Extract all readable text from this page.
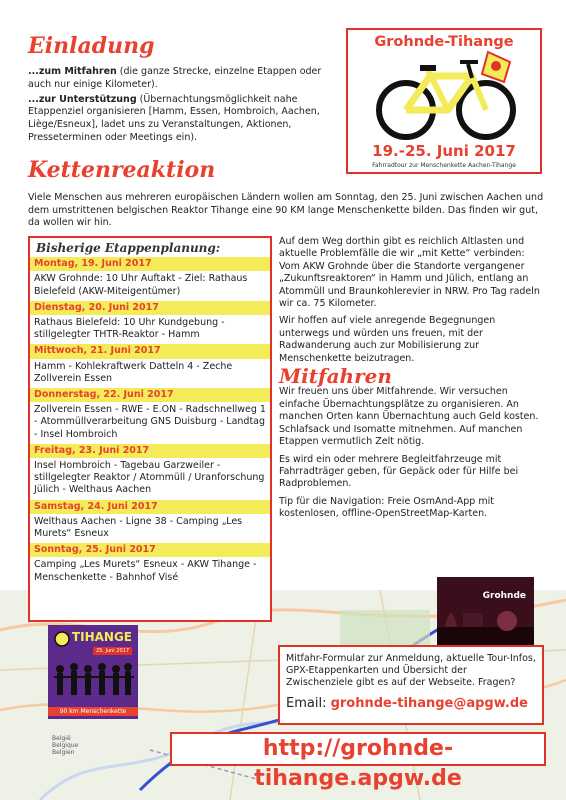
Einladung

...zum Mitfahren (die ganze Strecke, einzelne Etappen oder auch nur einige Kilometer).

...zur Unterstützung (Übernachtungsmöglichkeit nahe Etappenziel organisieren [Hamm, Essen, Hombroich, Aachen, Liège/Esneux], ladet uns zu Veranstaltungen, Aktionen, Presseterminen oder Meetings ein).

Grohnde-Tihange
19.-25. Juni 2017
Fahrradtour zur Menschenkette Aachen-Tihange
Kettenreaktion
Viele Menschen aus mehreren europäischen Ländern wollen am Sonntag, den 25. Juni zwischen Aachen und dem umstrittenen belgischen Reaktor Tihange eine 90 KM lange Menschenkette bilden. Das finden wir gut, da wollen wir hin.
België
Belgique
Belgien
Bisherige Etappenplanung:
Montag, 19. Juni 2017
AKW Grohnde: 10 Uhr Auftakt - Ziel: Rathaus Bielefeld (AKW-Miteigentümer)
Dienstag, 20. Juni 2017
Rathaus Bielefeld: 10 Uhr Kundgebung - stillgelegter THTR-Reaktor - Hamm
Mittwoch, 21. Juni 2017
Hamm - Kohlekraftwerk Datteln 4 - Zeche Zollverein Essen
Donnerstag, 22. Juni 2017
Zollverein Essen - RWE - E.ON - Radschnellweg 1 - Atommüllverarbeitung GNS Duisburg - Landtag - Insel Hombroich
Freitag, 23. Juni 2017
Insel Hombroich - Tagebau Garzweiler - stillgelegter Reaktor / Atommüll / Uranforschung Jülich - Welthaus Aachen
Samstag, 24. Juni 2017
Welthaus Aachen - Ligne 38 - Camping „Les Murets“ Esneux
Sonntag, 25. Juni 2017
Camping „Les Murets“ Esneux - AKW Tihange - Menschenkette - Bahnhof Visé

Auf dem Weg dorthin gibt es reichlich Altlasten und aktuelle Problemfälle die wir „mit Kette“ verbinden: Vom AKW Grohnde über die Standorte vergangener „Zukunftsreaktoren“ in Hamm und Jülich, entlang an Atommüll und Braunkohlerevier in NRW. Pro Tag radeln wir ca. 75 Kilometer.

Wir hoffen auf viele anregende Begegnungen unterwegs und würden uns freuen, mit der Radwanderung auch zur Mobilisierung zur Menschenkette beizutragen.

Mitfahren

Wir freuen uns über Mitfahrende. Wir versuchen einfache Übernachtungsplätze zu organisieren. An manchen Orten kann Übernachtung auch Geld kosten. Schlafsack und Isomatte mitnehmen. Auf manchen Etappen vermutlich Zelt nötig.

Es wird ein oder mehrere Begleitfahrzeuge mit Fahrradträger geben, für Gepäck oder für Hilfe bei Radproblemen.

Tip für die Navigation: Freie OsmAnd-App mit kostenlosen, offline-OpenStreetMap-Karten.

Grohnde
TIHANGE
25. Juni 2017
90 km Menschenkette
Mitfahr-Formular zur Anmeldung, aktuelle Tour-Infos, GPX-Etappenkarten und Übersicht der Zwischenziele gibt es auf der Webseite. Fragen?
Email: grohnde-tihange@apgw.de
http://grohnde-tihange.apgw.de
